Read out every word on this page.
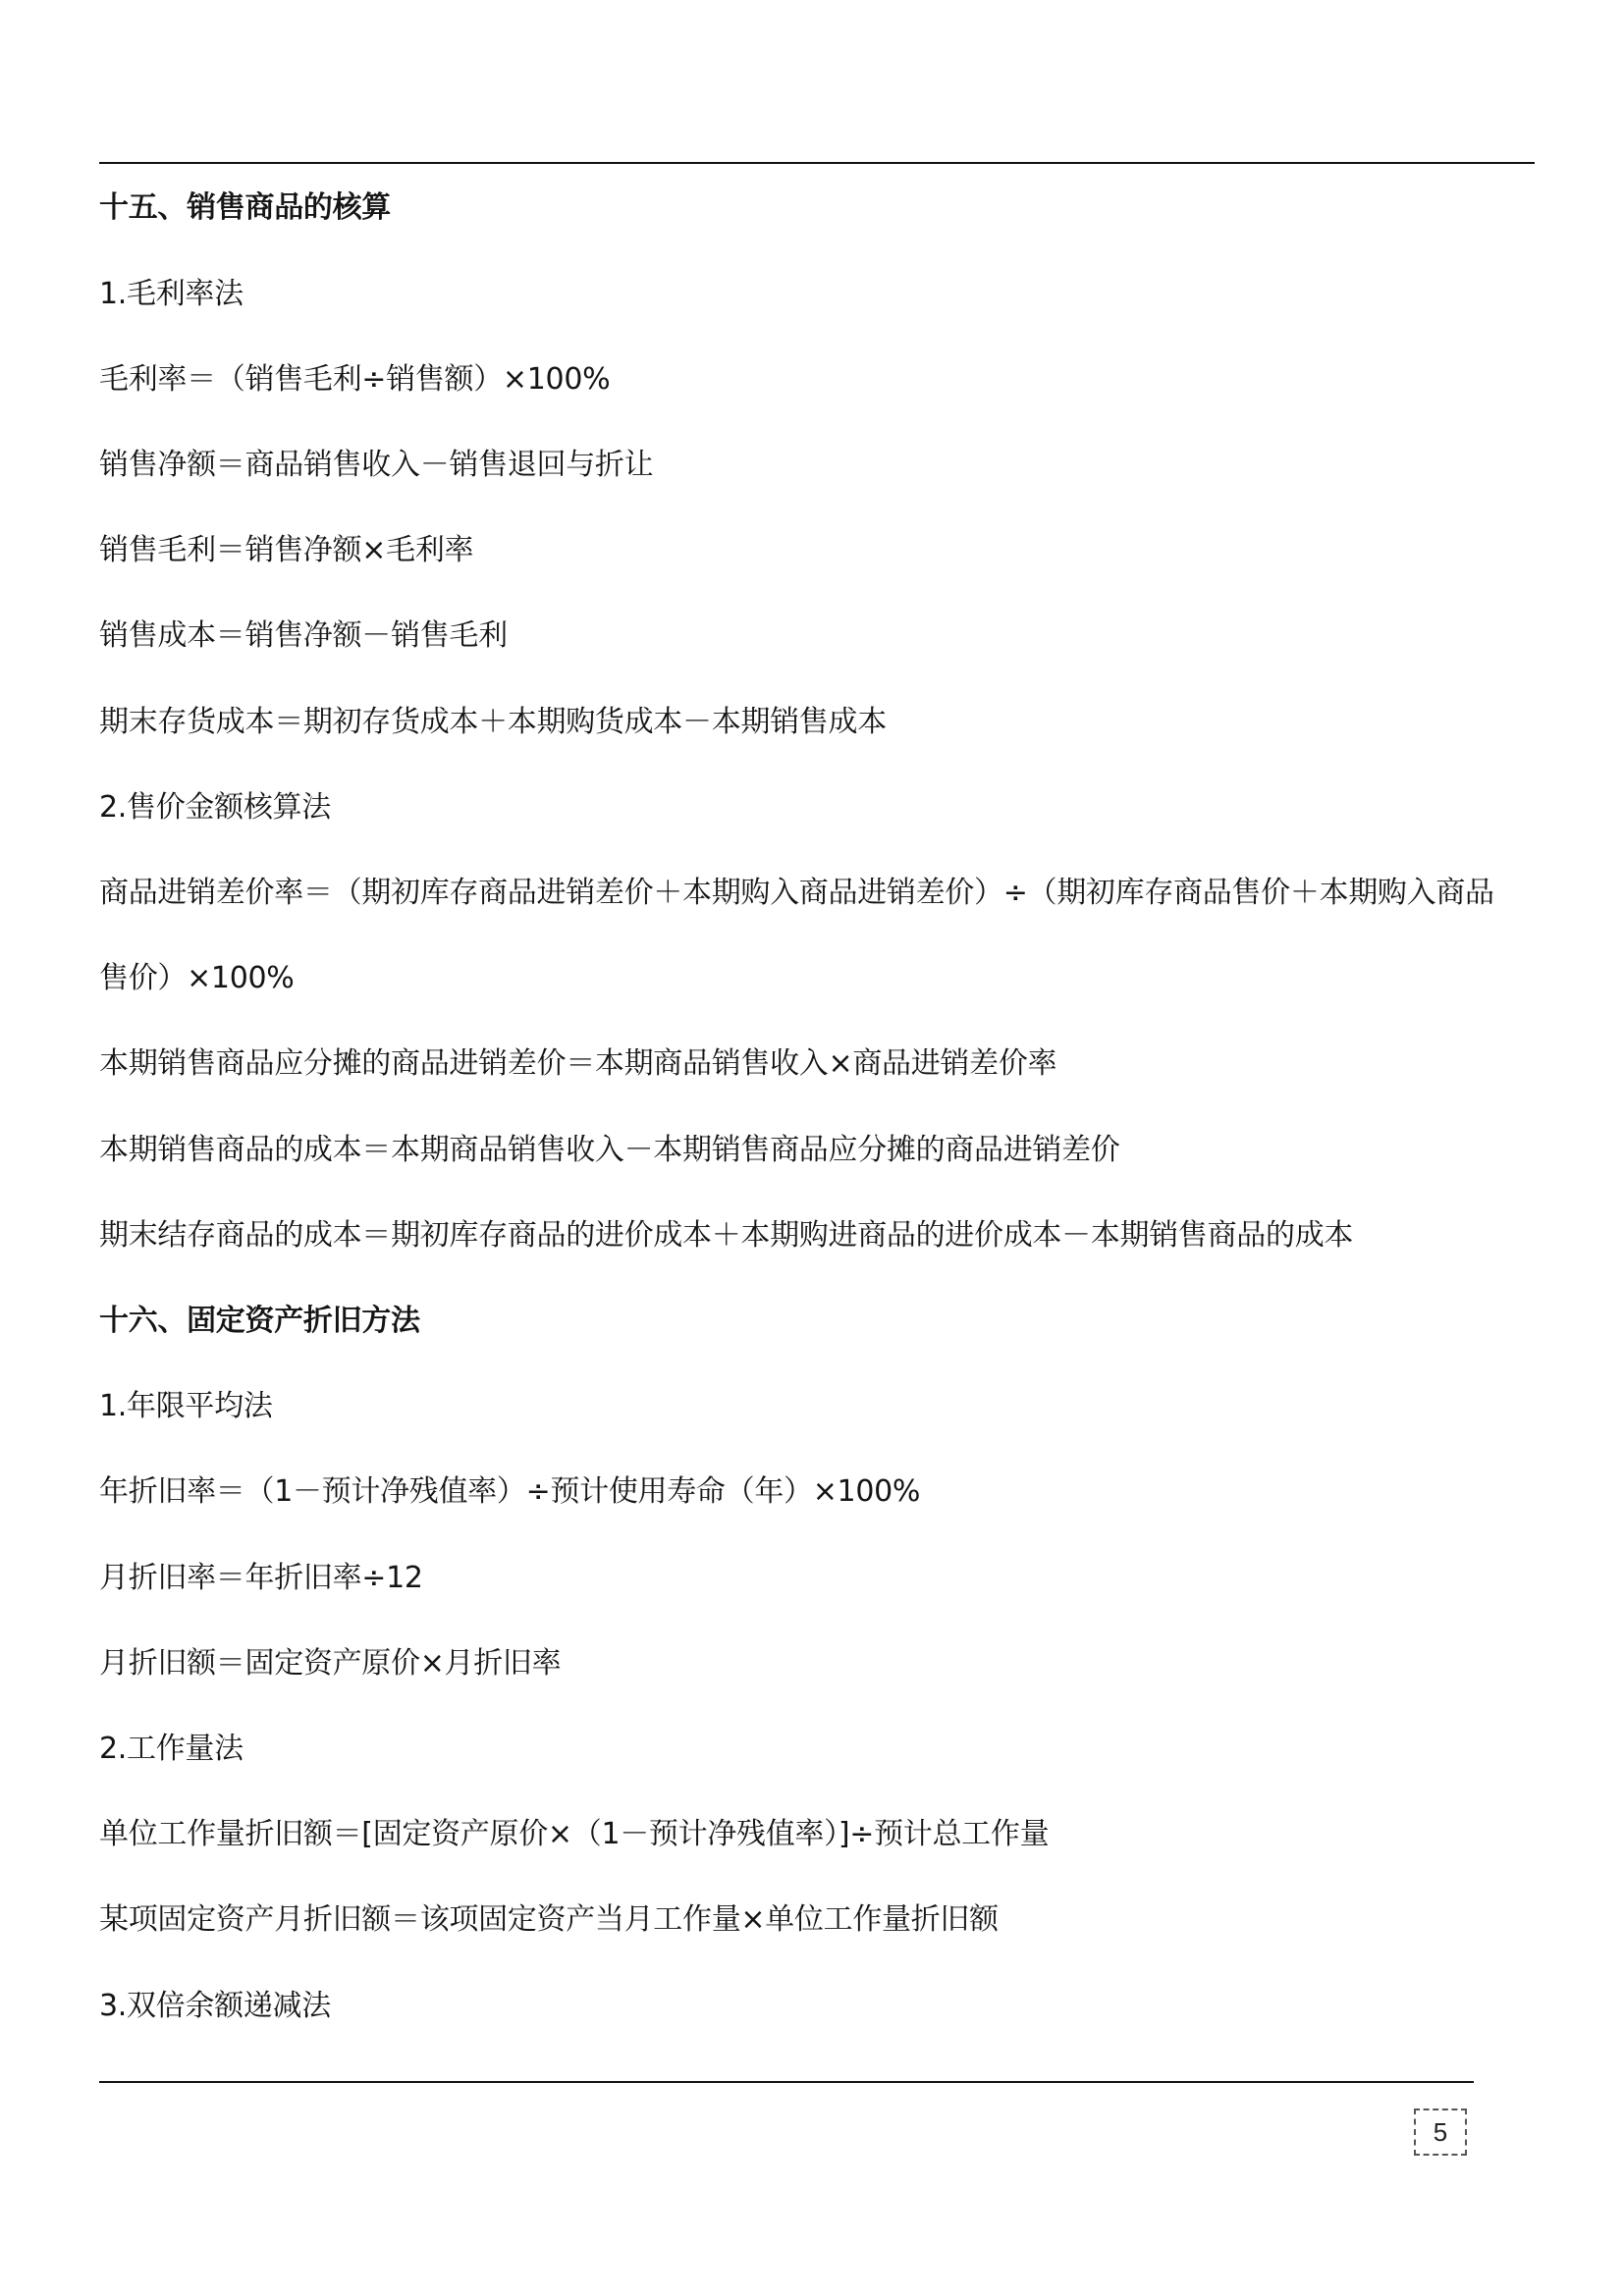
十五、销售商品的核算
1.毛利率法
毛利率＝（销售毛利÷销售额）×100%
销售净额＝商品销售收入－销售退回与折让
销售毛利＝销售净额×毛利率
销售成本＝销售净额－销售毛利
期末存货成本＝期初存货成本＋本期购货成本－本期销售成本
2.售价金额核算法
商品进销差价率＝（期初库存商品进销差价＋本期购入商品进销差价）÷（期初库存商品售价＋本期购入商品
售价）×100%
本期销售商品应分摊的商品进销差价＝本期商品销售收入×商品进销差价率
本期销售商品的成本＝本期商品销售收入－本期销售商品应分摊的商品进销差价
期末结存商品的成本＝期初库存商品的进价成本＋本期购进商品的进价成本－本期销售商品的成本
十六、固定资产折旧方法
1.年限平均法
年折旧率＝（1－预计净残值率）÷预计使用寿命（年）×100%
月折旧率＝年折旧率÷12
月折旧额＝固定资产原价×月折旧率
2.工作量法
单位工作量折旧额＝[固定资产原价×（1－预计净残值率）]÷预计总工作量
某项固定资产月折旧额＝该项固定资产当月工作量×单位工作量折旧额
3.双倍余额递减法
5
